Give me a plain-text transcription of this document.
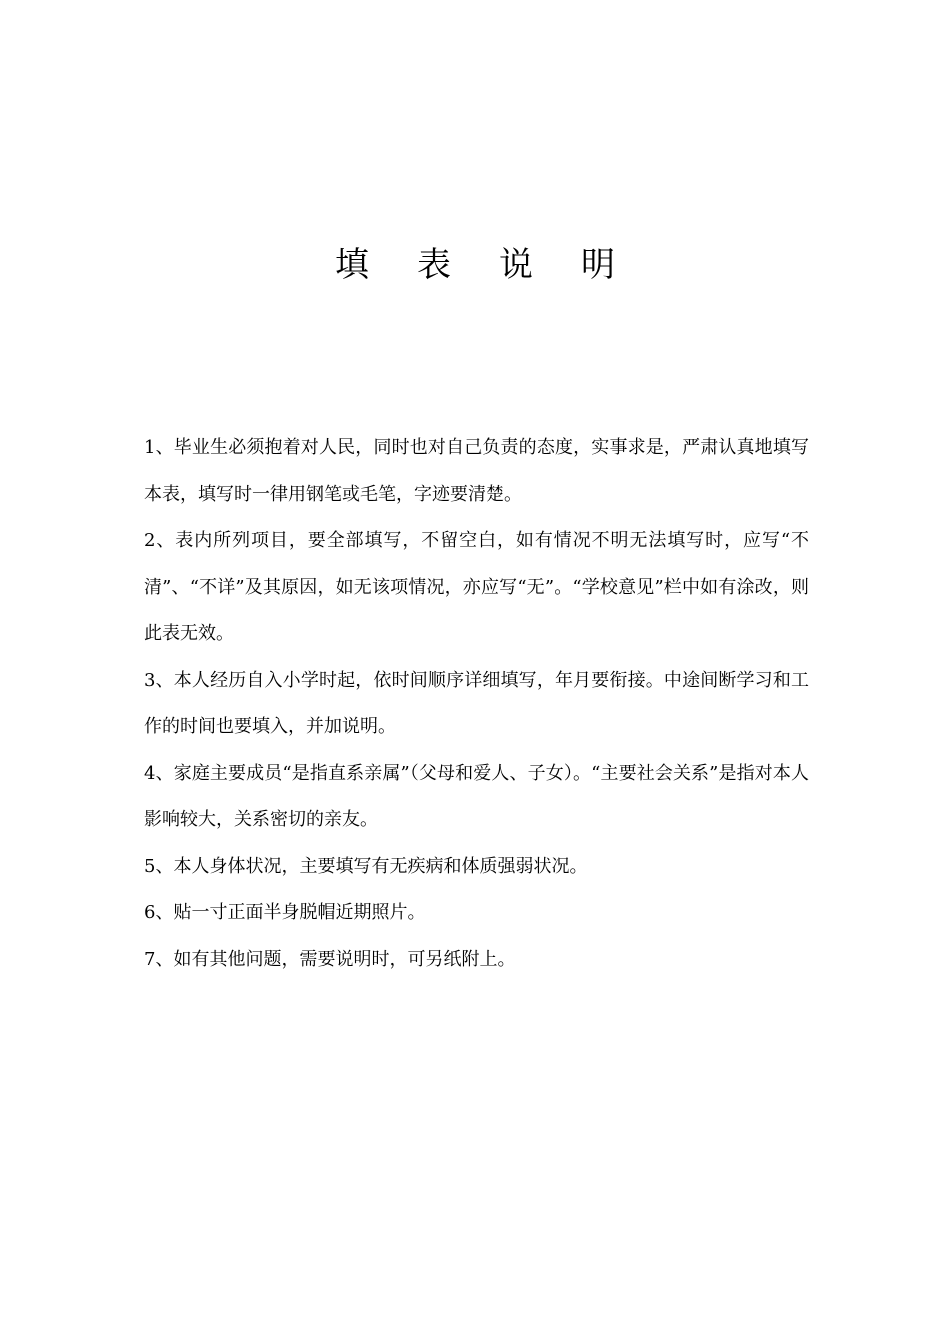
填 表 说 明

1、毕业生必须抱着对人民，同时也对自己负责的态度，实事求是，严肃认真地填写本表，填写时一律用钢笔或毛笔，字迹要清楚。

2、表内所列项目，要全部填写，不留空白，如有情况不明无法填写时，应写“不清”、“不详”及其原因，如无该项情况，亦应写“无”。“学校意见”栏中如有涂改，则此表无效。

3、本人经历自入小学时起，依时间顺序详细填写，年月要衔接。中途间断学习和工作的时间也要填入，并加说明。

4、家庭主要成员“是指直系亲属”（父母和爱人、子女）。“主要社会关系”是指对本人影响较大，关系密切的亲友。

5、本人身体状况，主要填写有无疾病和体质强弱状况。

6、贴一寸正面半身脱帽近期照片。

7、如有其他问题，需要说明时，可另纸附上。
